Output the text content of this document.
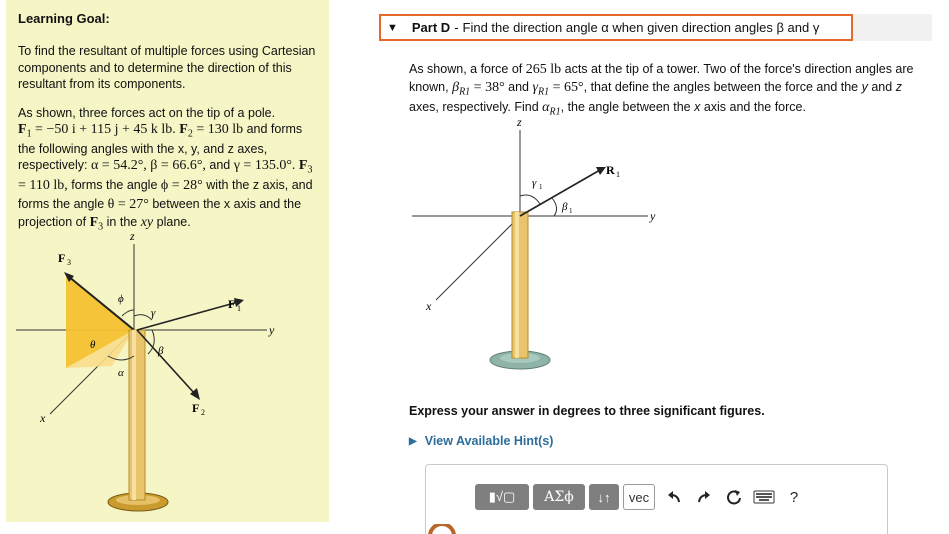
Learning Goal:
To find the resultant of multiple forces using Cartesian components and to determine the direction of this resultant from its components.
As shown, three forces act on the tip of a pole.
$F_1 = -50$ i + 115 j + 45 k lb. $F_2 = 130$ lb and forms the following angles with the x, y, and z axes, respectively: α = 54.2°, β = 66.6°, and γ = 135.0°. $F_3 = 110$ lb, forms the angle ϕ = 28° with the z axis, and forms the angle θ = 27° between the x axis and the projection of $F_3$ in the xy plane.
z
y
x
F 3
F 1
F 2
ϕ
γ
β
θ
α
▼ Part D - Find the direction angle α when given direction angles β and γ
As shown, a force of 265 lb acts at the tip of a tower. Two of the force's direction angles are known, $\beta_{R1} = 38^\circ$ and $\gamma_{R1} = 65^\circ$, that define the angles between the force and the y and z axes, respectively. Find $\alpha_{R1}$, the angle between the x axis and the force.
z
y
x
R 1
γ 1
β 1
Express your answer in degrees to three significant figures.
▶ View Available Hint(s)
▮√▢	ΑΣϕ	↓↑	vec	?
